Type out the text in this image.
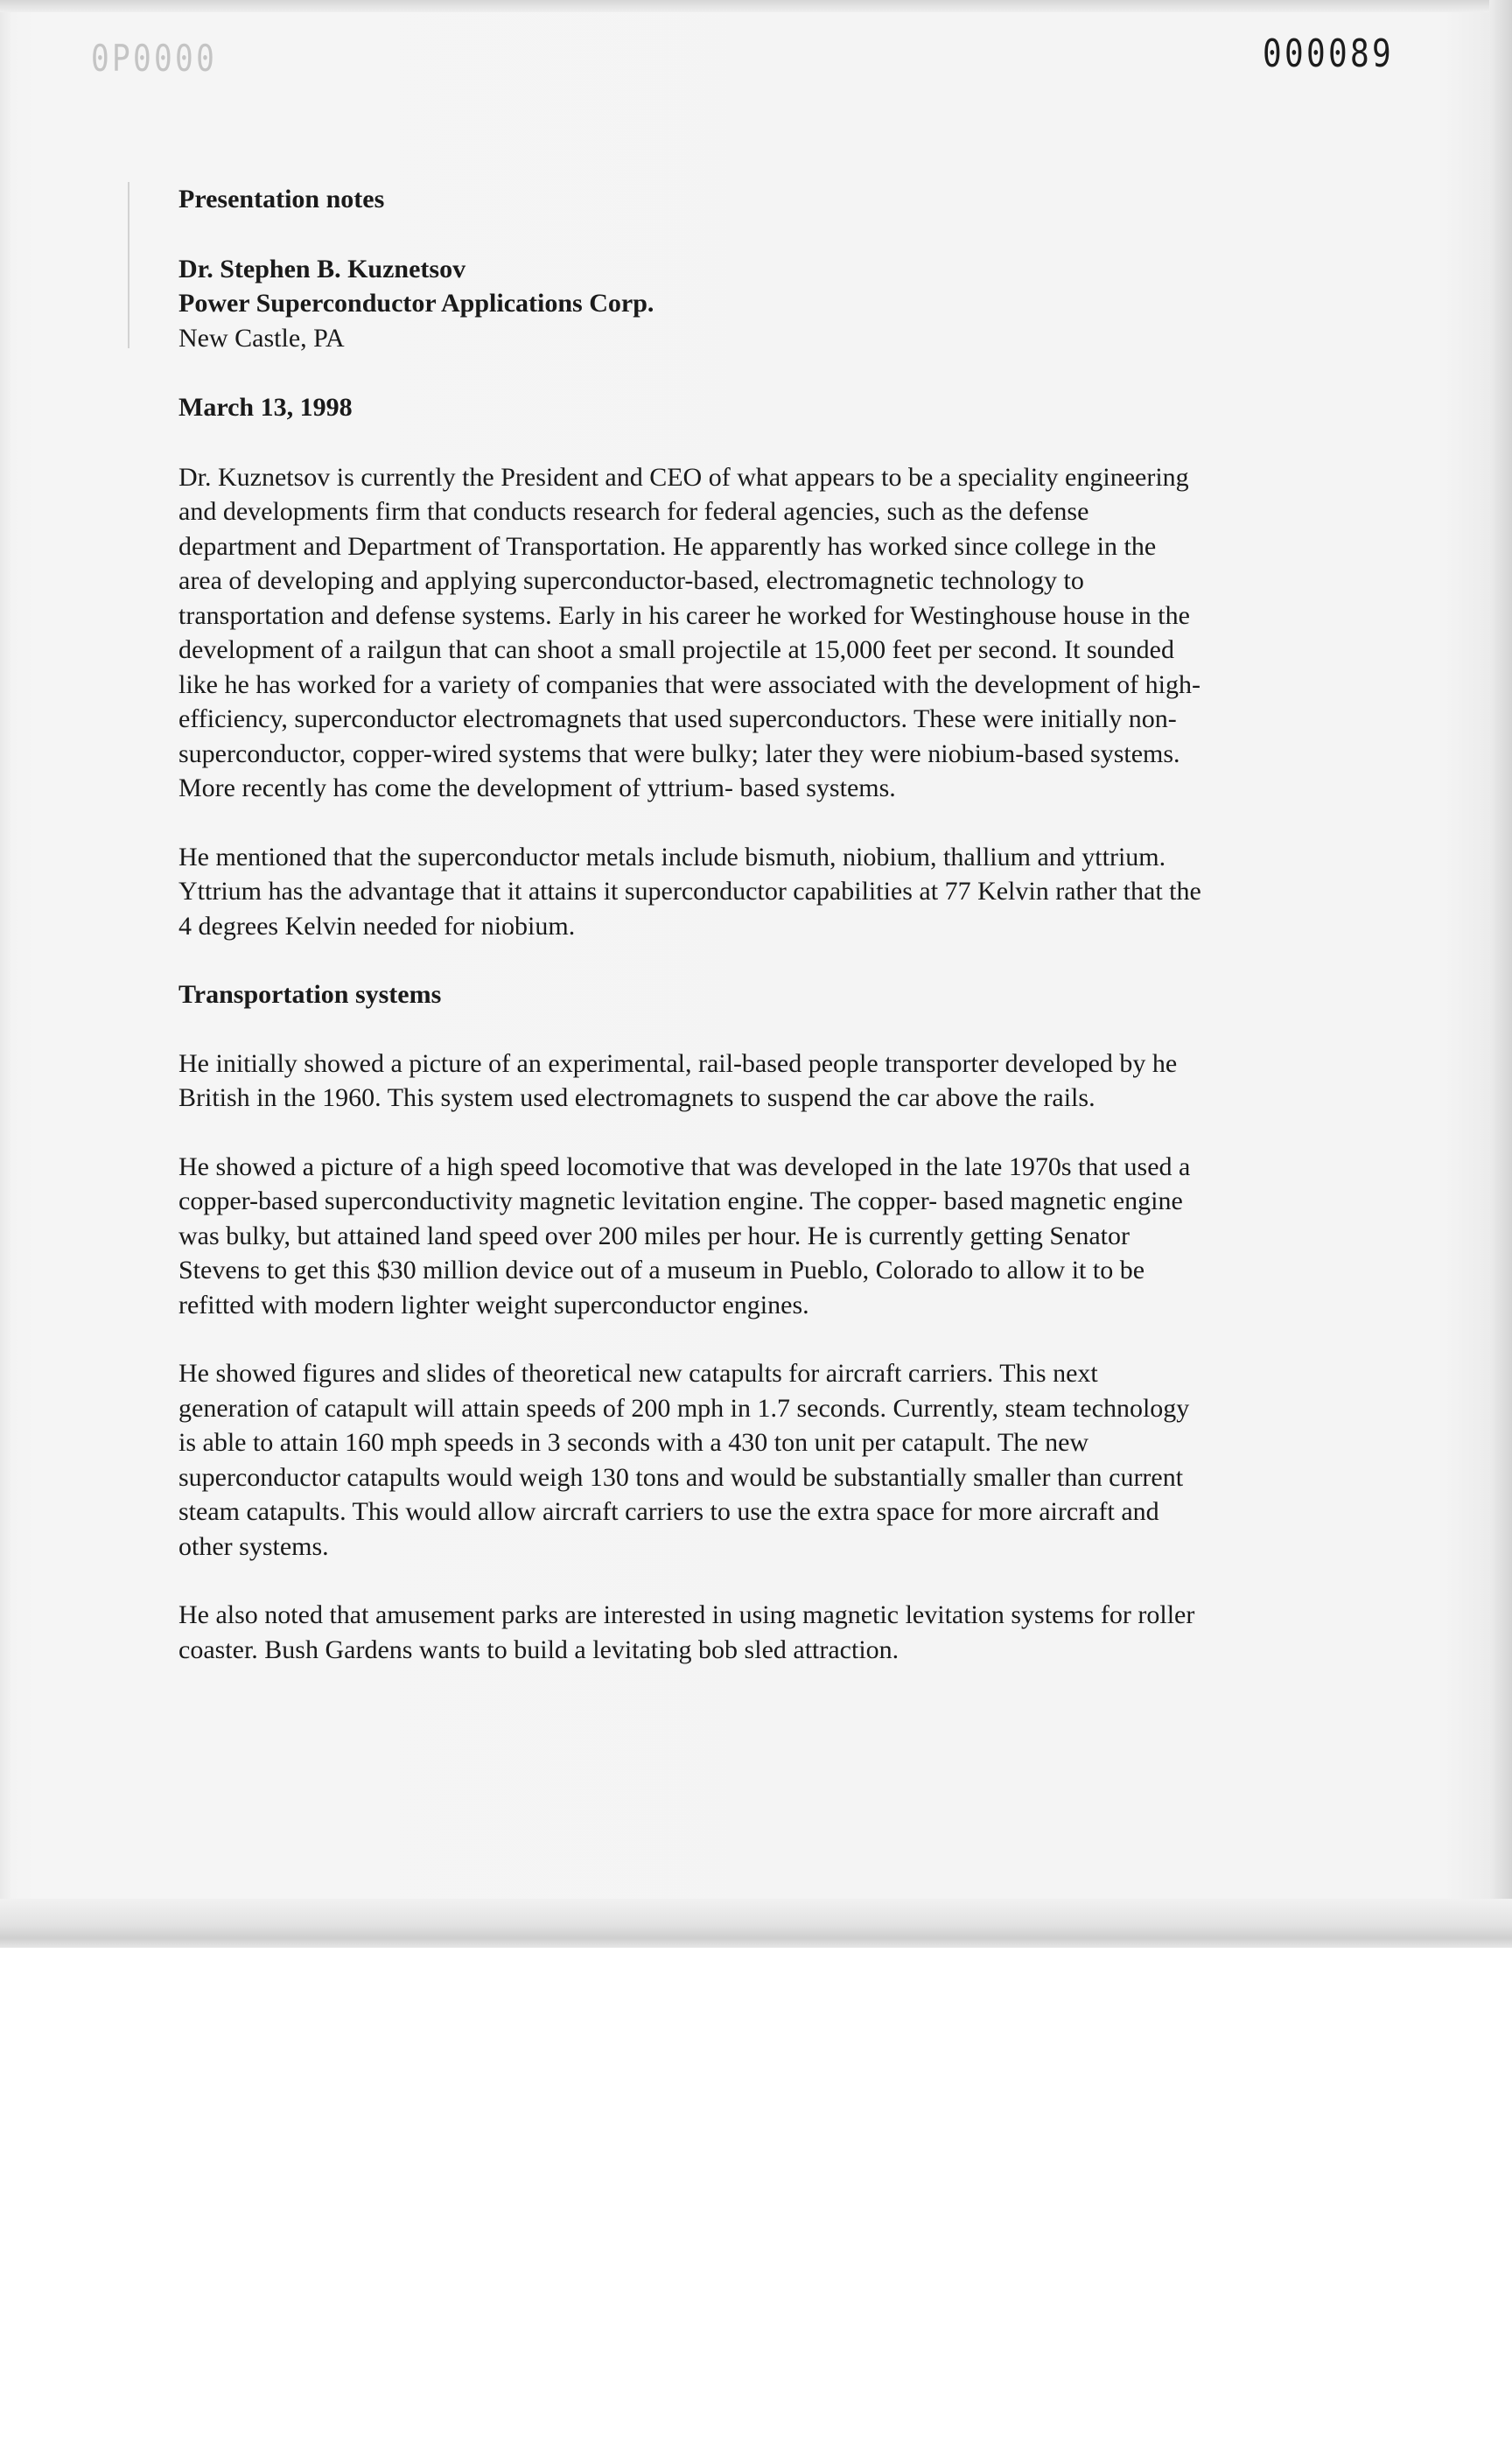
0P0000	000089
Presentation notes
Dr. Stephen B. Kuznetsov
Power Superconductor Applications Corp.
New Castle, PA
March 13, 1998

Dr. Kuznetsov is currently the President and CEO of what appears to be a speciality engineering
and developments firm that conducts research for federal agencies, such as the defense
department and Department of Transportation. He apparently has worked since college in the
area of developing and applying superconductor-based, electromagnetic technology to
transportation and defense systems. Early in his career he worked for Westinghouse house in the
development of a railgun that can shoot a small projectile at 15,000 feet per second. It sounded
like he has worked for a variety of companies that were associated with the development of high-
efficiency, superconductor electromagnets that used superconductors. These were initially non-
superconductor, copper-wired systems that were bulky; later they were niobium-based systems.
More recently has come the development of yttrium- based systems.

He mentioned that the superconductor metals include bismuth, niobium, thallium and yttrium.
Yttrium has the advantage that it attains it superconductor capabilities at 77 Kelvin rather that the
4 degrees Kelvin needed for niobium.

Transportation systems

He initially showed a picture of an experimental, rail-based people transporter developed by he
British in the 1960. This system used electromagnets to suspend the car above the rails.

He showed a picture of a high speed locomotive that was developed in the late 1970s that used a
copper-based superconductivity magnetic levitation engine. The copper- based magnetic engine
was bulky, but attained land speed over 200 miles per hour. He is currently getting Senator
Stevens to get this $30 million device out of a museum in Pueblo, Colorado to allow it to be
refitted with modern lighter weight superconductor engines.

He showed figures and slides of theoretical new catapults for aircraft carriers. This next
generation of catapult will attain speeds of 200 mph in 1.7 seconds. Currently, steam technology
is able to attain 160 mph speeds in 3 seconds with a 430 ton unit per catapult. The new
superconductor catapults would weigh 130 tons and would be substantially smaller than current
steam catapults. This would allow aircraft carriers to use the extra space for more aircraft and
other systems.

He also noted that amusement parks are interested in using magnetic levitation systems for roller
coaster. Bush Gardens wants to build a levitating bob sled attraction.
